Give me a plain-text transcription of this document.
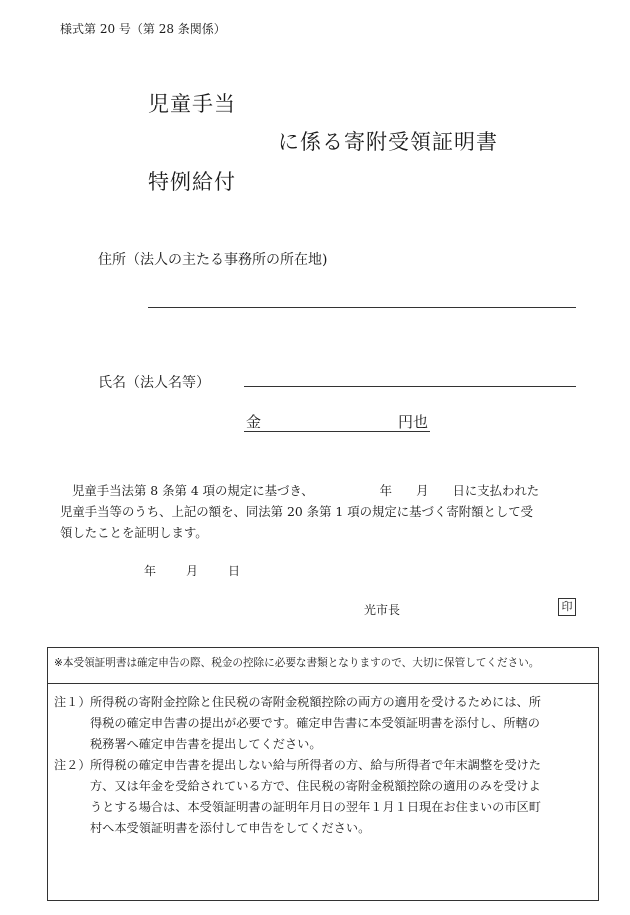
様式第 20 号（第 28 条関係）
児童手当
に係る寄附受領証明書
特例給付
住所（法人の主たる事務所の所在地)
氏名（法人名等）
金	円也

児童手当法第 8 条第 4 項の規定に基づき、	年 月 日に支払われた

児童手当等のうち、上記の額を、同法第 20 条第 1 項の規定に基づく寄附額として受

領したことを証明します。

年	月	日
光市長	印
※本受領証明書は確定申告の際、税金の控除に必要な書類となりますので、大切に保管してください。
注１） 所得税の寄附金控除と住民税の寄附金税額控除の両方の適用を受けるためには、所

得税の確定申告書の提出が必要です。確定申告書に本受領証明書を添付し、所轄の

税務署へ確定申告書を提出してください。

注２） 所得税の確定申告書を提出しない給与所得者の方、給与所得者で年末調整を受けた

方、又は年金を受給されている方で、住民税の寄附金税額控除の適用のみを受けよ

うとする場合は、本受領証明書の証明年月日の翌年１月１日現在お住まいの市区町

村へ本受領証明書を添付して申告をしてください。
